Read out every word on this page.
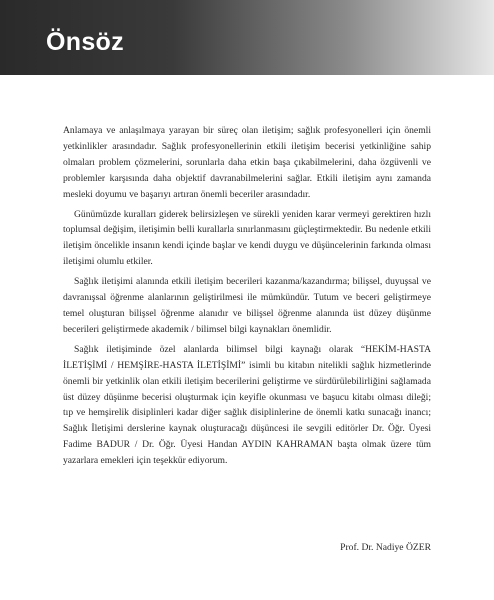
Önsöz

Anlamaya ve anlaşılmaya yarayan bir süreç olan iletişim; sağlık profesyonelleri için önemli yetkinlikler arasındadır. Sağlık profesyonellerinin etkili iletişim becerisi yetkinliğine sahip olmaları problem çözmelerini, sorunlarla daha etkin başa çıkabilmelerini, daha özgüvenli ve problemler karşısında daha objektif davranabilmelerini sağlar. Etkili iletişim aynı zamanda mesleki doyumu ve başarıyı artıran önemli beceriler arasındadır.

Günümüzde kuralları giderek belirsizleşen ve sürekli yeniden karar vermeyi gerektiren hızlı toplumsal değişim, iletişimin belli kurallarla sınırlanmasını güçleştirmektedir. Bu nedenle etkili iletişim öncelikle insanın kendi içinde başlar ve kendi duygu ve düşüncelerinin farkında olması iletişimi olumlu etkiler.

Sağlık iletişimi alanında etkili iletişim becerileri kazanma/kazandırma; bilişsel, duyuşsal ve davranışsal öğrenme alanlarının geliştirilmesi ile mümkündür. Tutum ve beceri geliştirmeye temel oluşturan bilişsel öğrenme alanıdır ve bilişsel öğrenme alanında üst düzey düşünme becerileri geliştirmede akademik / bilimsel bilgi kaynakları önemlidir.

Sağlık iletişiminde özel alanlarda bilimsel bilgi kaynağı olarak “HEKİM-HASTA İLETİŞİMİ / HEMŞİRE-HASTA İLETİŞİMİ” isimli bu kitabın nitelikli sağlık hizmetlerinde önemli bir yetkinlik olan etkili iletişim becerilerini geliştirme ve sürdürülebilirliğini sağlamada üst düzey düşünme becerisi oluşturmak için keyifle okunması ve başucu kitabı olması dileği; tıp ve hemşirelik disiplinleri kadar diğer sağlık disiplinlerine de önemli katkı sunacağı inancı; Sağlık İletişimi derslerine kaynak oluşturacağı düşüncesi ile sevgili editörler Dr. Öğr. Üyesi Fadime BADUR / Dr. Öğr. Üyesi Handan AYDIN KAHRAMAN başta olmak üzere tüm yazarlara emekleri için teşekkür ediyorum.

Prof. Dr. Nadiye ÖZER
